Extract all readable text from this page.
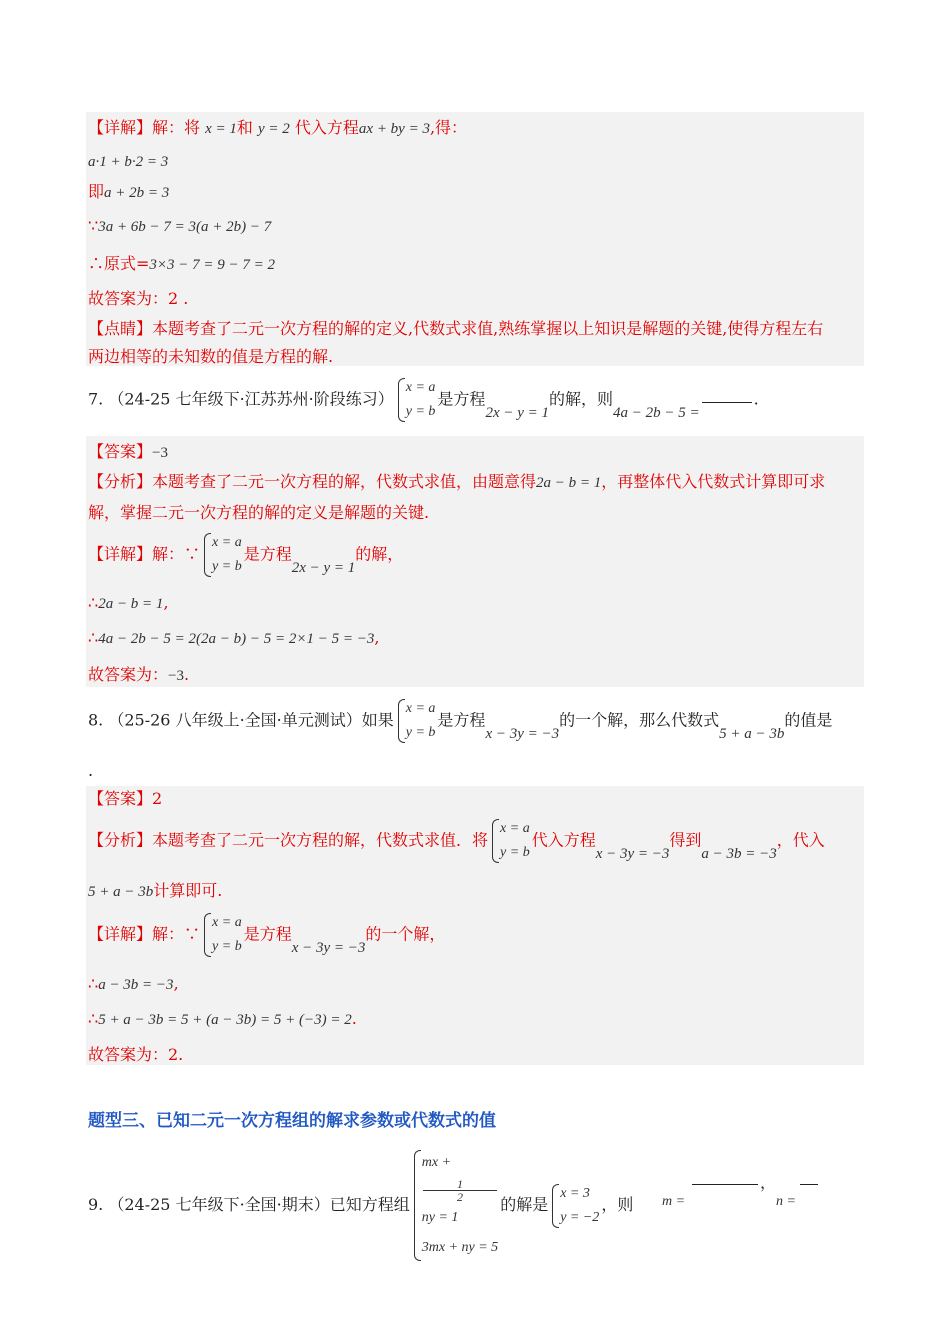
【详解】解：将 x = 1和 y = 2 代入方程ax + by = 3,得：
a·1 + b·2 = 3
即a + 2b = 3
∵3a + 6b − 7 = 3(a + 2b) − 7
∴原式=3×3 − 7 = 9 − 7 = 2
故答案为：2 .
【点睛】本题考查了二元一次方程的解的定义,代数式求值,熟练掌握以上知识是解题的关键,使得方程左右
两边相等的未知数的值是方程的解.
7. （24-25 七年级下·江苏苏州·阶段练习）
x = a
y = b
是方程2x − y = 1的解，则4a − 2b − 5 =.
【答案】−3
【分析】本题考查了二元一次方程的解，代数式求值，由题意得2a − b = 1，再整体代入代数式计算即可求
解，掌握二元一次方程的解的定义是解题的关键.
【详解】解：∵
x = a
y = b
是方程2x − y = 1的解，
∴2a − b = 1,
∴4a − 2b − 5 = 2(2a − b) − 5 = 2×1 − 5 = −3,
故答案为：−3.
8. （25-26 八年级上·全国·单元测试）如果
x = a
y = b
是方程x − 3y = −3的一个解，那么代数式5 + a − 3b的值是
.
【答案】2
【分析】本题考查了二元一次方程的解，代数式求值．将
x = a
y = b
代入方程x − 3y = −3得到a − 3b = −3，代入
5 + a − 3b计算即可.
【详解】解：∵
x = a
y = b
是方程x − 3y = −3的一个解，
∴a − 3b = −3,
∴5 + a − 3b = 5 + (a − 3b) = 5 + (−3) = 2.
故答案为：2.
题型三、已知二元一次方程组的解求参数或代数式的值
9. （24-25 七年级下·全国·期末）已知方程组
mx +
1
2
ny = 1
3mx + ny = 5
的解是
x = 3
y = −2
，则 m =
，
n =
